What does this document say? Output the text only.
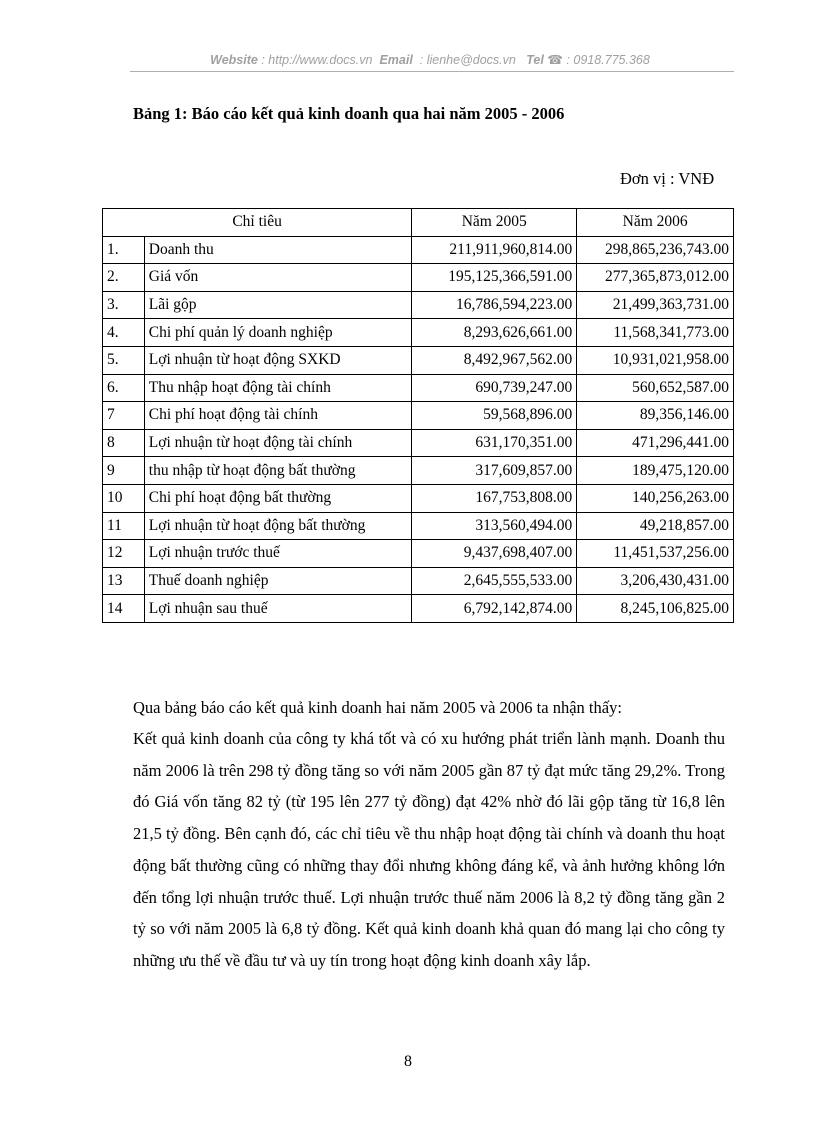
Website : http://www.docs.vn Email : lienhe@docs.vn Tel ☎ : 0918.775.368
Bảng 1: Báo cáo kết quả kinh doanh qua hai năm 2005 - 2006
Đơn vị : VNĐ
Chỉ tiêu		Năm 2005	Năm 2006
1.	Doanh thu	211,911,960,814.00	298,865,236,743.00
2.	Giá vốn	195,125,366,591.00	277,365,873,012.00
3.	Lãi gộp	16,786,594,223.00	21,499,363,731.00
4.	Chi phí quản lý doanh nghiệp	8,293,626,661.00	11,568,341,773.00
5.	Lợi nhuận từ hoạt động SXKD	8,492,967,562.00	10,931,021,958.00
6.	Thu nhập hoạt động tài chính	690,739,247.00	560,652,587.00
7	Chi phí hoạt động tài chính	59,568,896.00	89,356,146.00
8	Lợi nhuận từ hoạt động tài chính	631,170,351.00	471,296,441.00
9	thu nhập từ hoạt động bất thường	317,609,857.00	189,475,120.00
10	Chi phí hoạt động bất thường	167,753,808.00	140,256,263.00
11	Lợi nhuận từ hoạt động bất thường	313,560,494.00	49,218,857.00
12	Lợi nhuận trước thuế	9,437,698,407.00	11,451,537,256.00
13	Thuế doanh nghiệp	2,645,555,533.00	3,206,430,431.00
14	Lợi nhuận sau thuế	6,792,142,874.00	8,245,106,825.00
Qua bảng báo cáo kết quả kinh doanh hai năm 2005 và 2006 ta nhận thấy:
Kết quả kinh doanh của công ty khá tốt và có xu hướng phát triển lành mạnh. Doanh thu năm 2006 là trên 298 tỷ đồng tăng so với năm 2005 gần 87 tỷ đạt mức tăng 29,2%. Trong đó Giá vốn tăng 82 tỷ (từ 195 lên 277 tỷ đồng) đạt 42% nhờ đó lãi gộp tăng từ 16,8 lên 21,5 tỷ đồng. Bên cạnh đó, các chỉ tiêu về thu nhập hoạt động tài chính và doanh thu hoạt động bất thường cũng có những thay đổi nhưng không đáng kể, và ảnh hưởng không lớn đến tổng lợi nhuận trước thuế. Lợi nhuận trước thuế năm 2006 là 8,2 tỷ đồng tăng gần 2 tỷ so với năm 2005 là 6,8 tỷ đồng. Kết quả kinh doanh khả quan đó mang lại cho công ty những ưu thế về đầu tư và uy tín trong hoạt động kinh doanh xây lắp.
8
